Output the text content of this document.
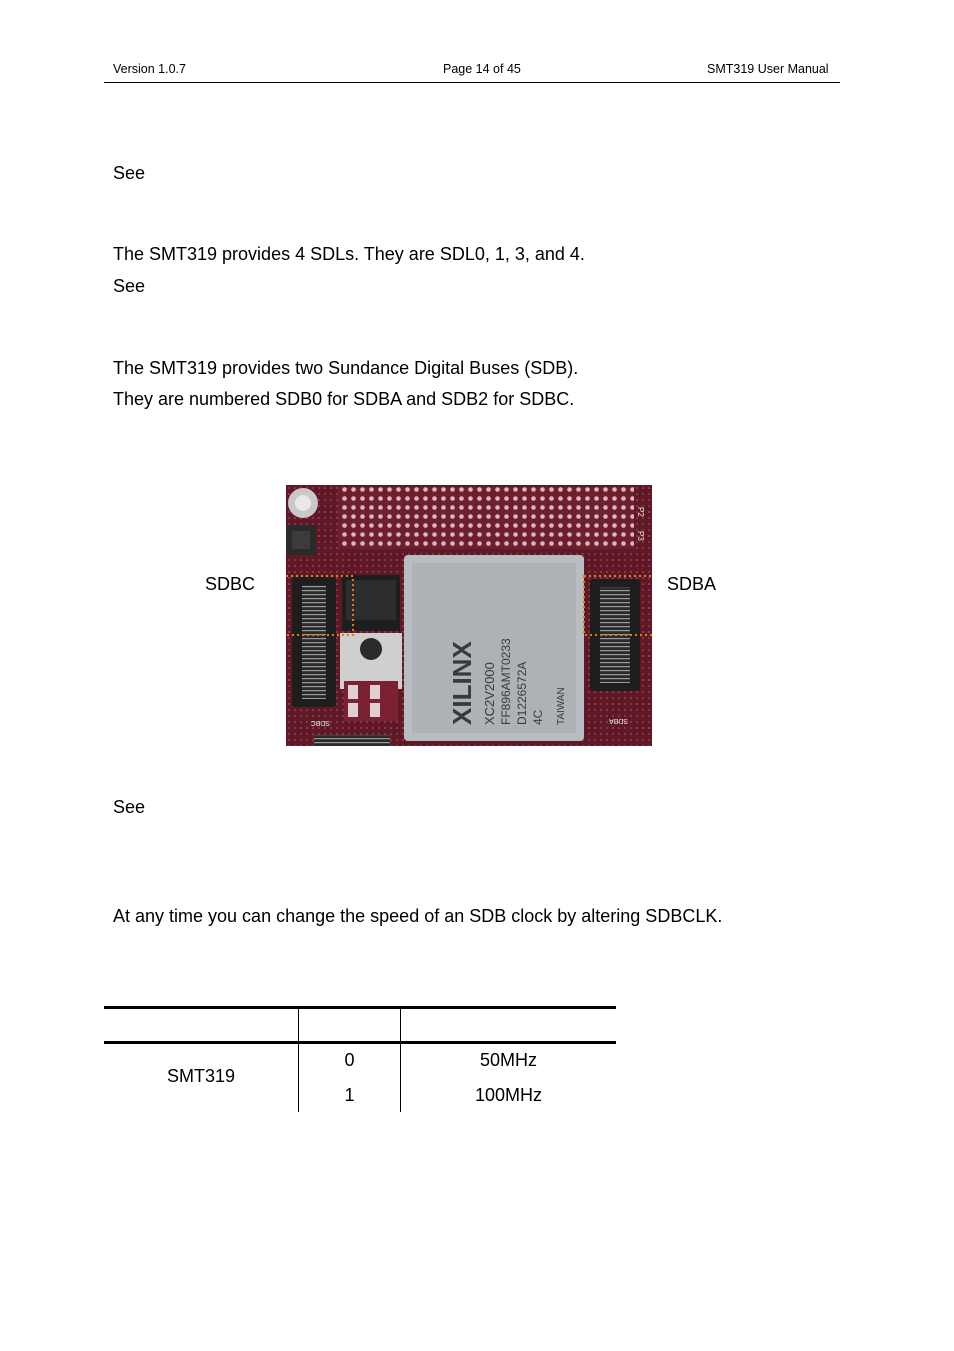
Version 1.0.7	Page 14 of 45	SMT319 User Manual
See
The SMT319 provides 4 SDLs. They are SDL0, 1, 3, and 4.
See
The SMT319 provides two Sundance Digital Buses (SDB).
They are numbered SDB0 for SDBA and SDB2 for SDBC.
SDBC	SDBA
P2
P3
SDBC	XILINX XC2V2000 FF896AMT0233 D1226572A 4C TAIWAN	SDBA
See
At any time you can change the speed of an SDB clock by altering SDBCLK.
SMT319
0	50MHz
1	100MHz
